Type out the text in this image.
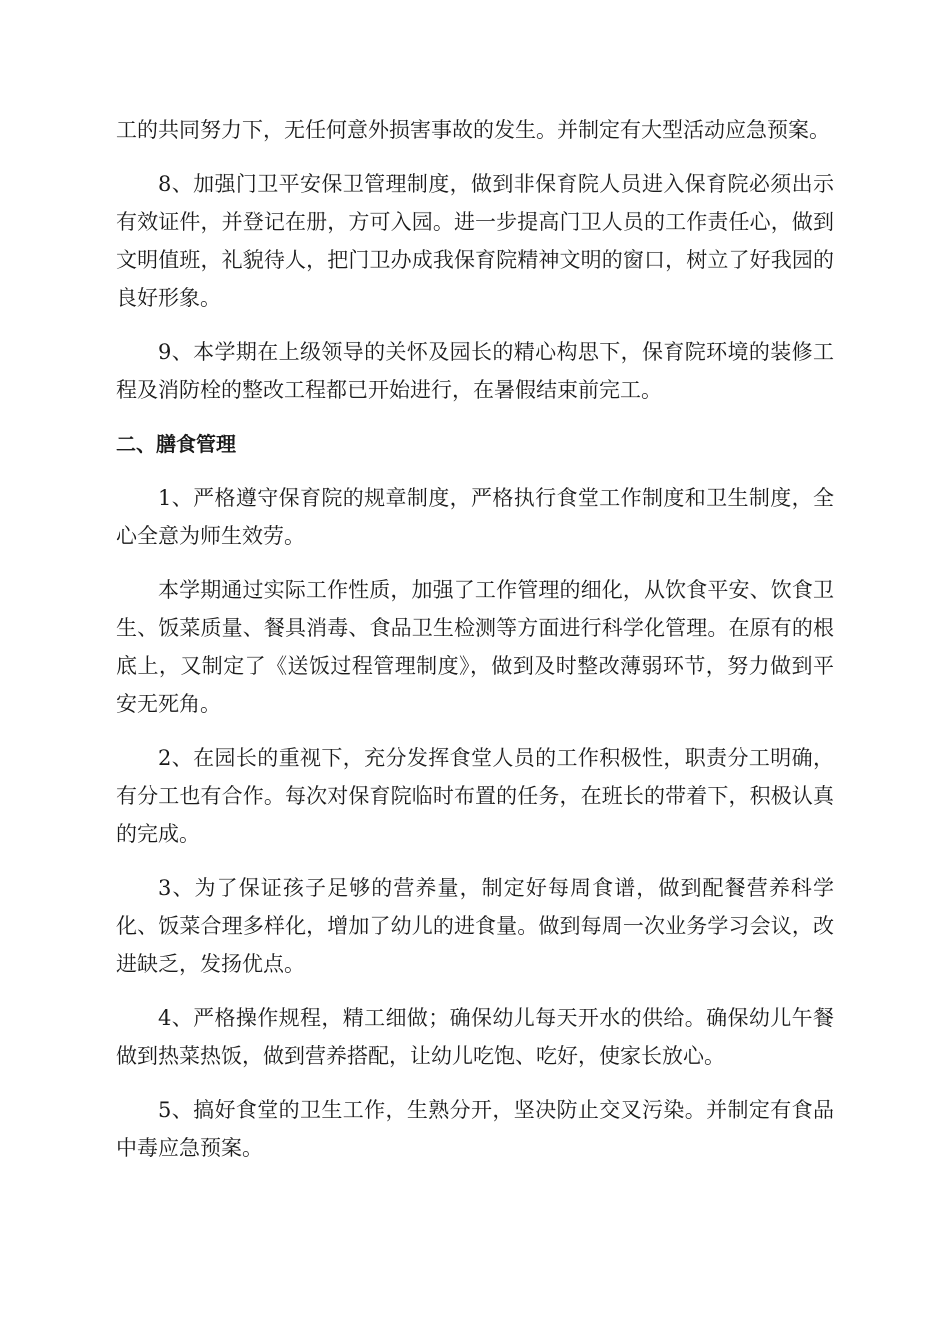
工的共同努力下，无任何意外损害事故的发生。并制定有大型活动应急预案。

8、加强门卫平安保卫管理制度，做到非保育院人员进入保育院必须出示有效证件，并登记在册，方可入园。进一步提高门卫人员的工作责任心，做到文明值班，礼貌待人，把门卫办成我保育院精神文明的窗口，树立了好我园的良好形象。

9、本学期在上级领导的关怀及园长的精心构思下，保育院环境的装修工程及消防栓的整改工程都已开始进行，在暑假结束前完工。

二、膳食管理

1、严格遵守保育院的规章制度，严格执行食堂工作制度和卫生制度，全心全意为师生效劳。

本学期通过实际工作性质，加强了工作管理的细化，从饮食平安、饮食卫生、饭菜质量、餐具消毒、食品卫生检测等方面进行科学化管理。在原有的根底上，又制定了《送饭过程管理制度》，做到及时整改薄弱环节，努力做到平安无死角。

2、在园长的重视下，充分发挥食堂人员的工作积极性，职责分工明确，有分工也有合作。每次对保育院临时布置的任务，在班长的带着下，积极认真的完成。

3、为了保证孩子足够的营养量，制定好每周食谱，做到配餐营养科学化、饭菜合理多样化，增加了幼儿的进食量。做到每周一次业务学习会议，改进缺乏，发扬优点。

4、严格操作规程，精工细做；确保幼儿每天开水的供给。确保幼儿午餐做到热菜热饭，做到营养搭配，让幼儿吃饱、吃好，使家长放心。

5、搞好食堂的卫生工作，生熟分开，坚决防止交叉污染。并制定有食品中毒应急预案。
